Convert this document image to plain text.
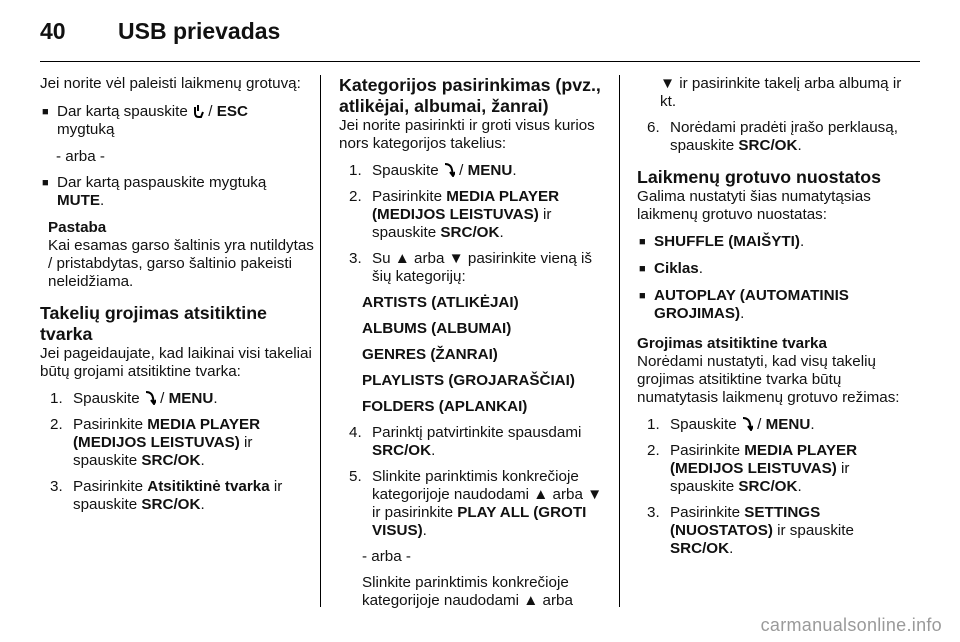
40 USB prievadas

Jei norite vėl paleisti laikmenų grotuvą:

■ Dar kartą spauskite
/ ESC
mygtuką

- arba -

■ Dar kartą paspauskite mygtuką MUTE.
Pastaba

Kai esamas garso šaltinis yra nutildytas / pristabdytas, garso šaltinio pakeisti neleidžiama.

Takelių grojimas atsitiktine tvarka

Jei pageidaujate, kad laikinai visi takeliai būtų grojami atsitiktine tvarka:

1. Spauskite
/ MENU.
2. Pasirinkite MEDIA PLAYER (MEDIJOS LEISTUVAS) ir spauskite SRC/OK.
3. Pasirinkite Atsitiktinė tvarka ir spauskite SRC/OK.
Kategorijos pasirinkimas (pvz., atlikėjai, albumai, žanrai)

Jei norite pasirinkti ir groti visus kurios nors kategorijos takelius:

1. Spauskite
/ MENU.
2. Pasirinkite MEDIA PLAYER (MEDIJOS LEISTUVAS) ir spauskite SRC/OK.
3. Su ▲ arba ▼ pasirinkite vieną iš šių kategorijų:
ARTISTS (ATLIKĖJAI)
ALBUMS (ALBUMAI)
GENRES (ŽANRAI)
PLAYLISTS (GROJARAŠČIAI)
FOLDERS (APLANKAI)
4. Parinktį patvirtinkite spausdami SRC/OK.
5. Slinkite parinktimis konkrečioje kategorijoje naudodami ▲ arba ▼ ir pasirinkite PLAY ALL (GROTI VISUS).

- arba -

Slinkite parinktimis konkrečioje kategorijoje naudodami ▲ arba

▼ ir pasirinkite takelį arba albumą ir kt.

6. Norėdami pradėti įrašo perklausą, spauskite SRC/OK.
Laikmenų grotuvo nuostatos

Galima nustatyti šias numatytąsias laikmenų grotuvo nuostatas:

■ SHUFFLE (MAIŠYTI).
■ Ciklas.
■ AUTOPLAY (AUTOMATINIS GROJIMAS).
Grojimas atsitiktine tvarka

Norėdami nustatyti, kad visų takelių grojimas atsitiktine tvarka būtų numatytasis laikmenų grotuvo režimas:

1. Spauskite
/ MENU.
2. Pasirinkite MEDIA PLAYER (MEDIJOS LEISTUVAS) ir spauskite SRC/OK.
3. Pasirinkite SETTINGS (NUOSTATOS) ir spauskite SRC/OK.
carmanualsonline.info
